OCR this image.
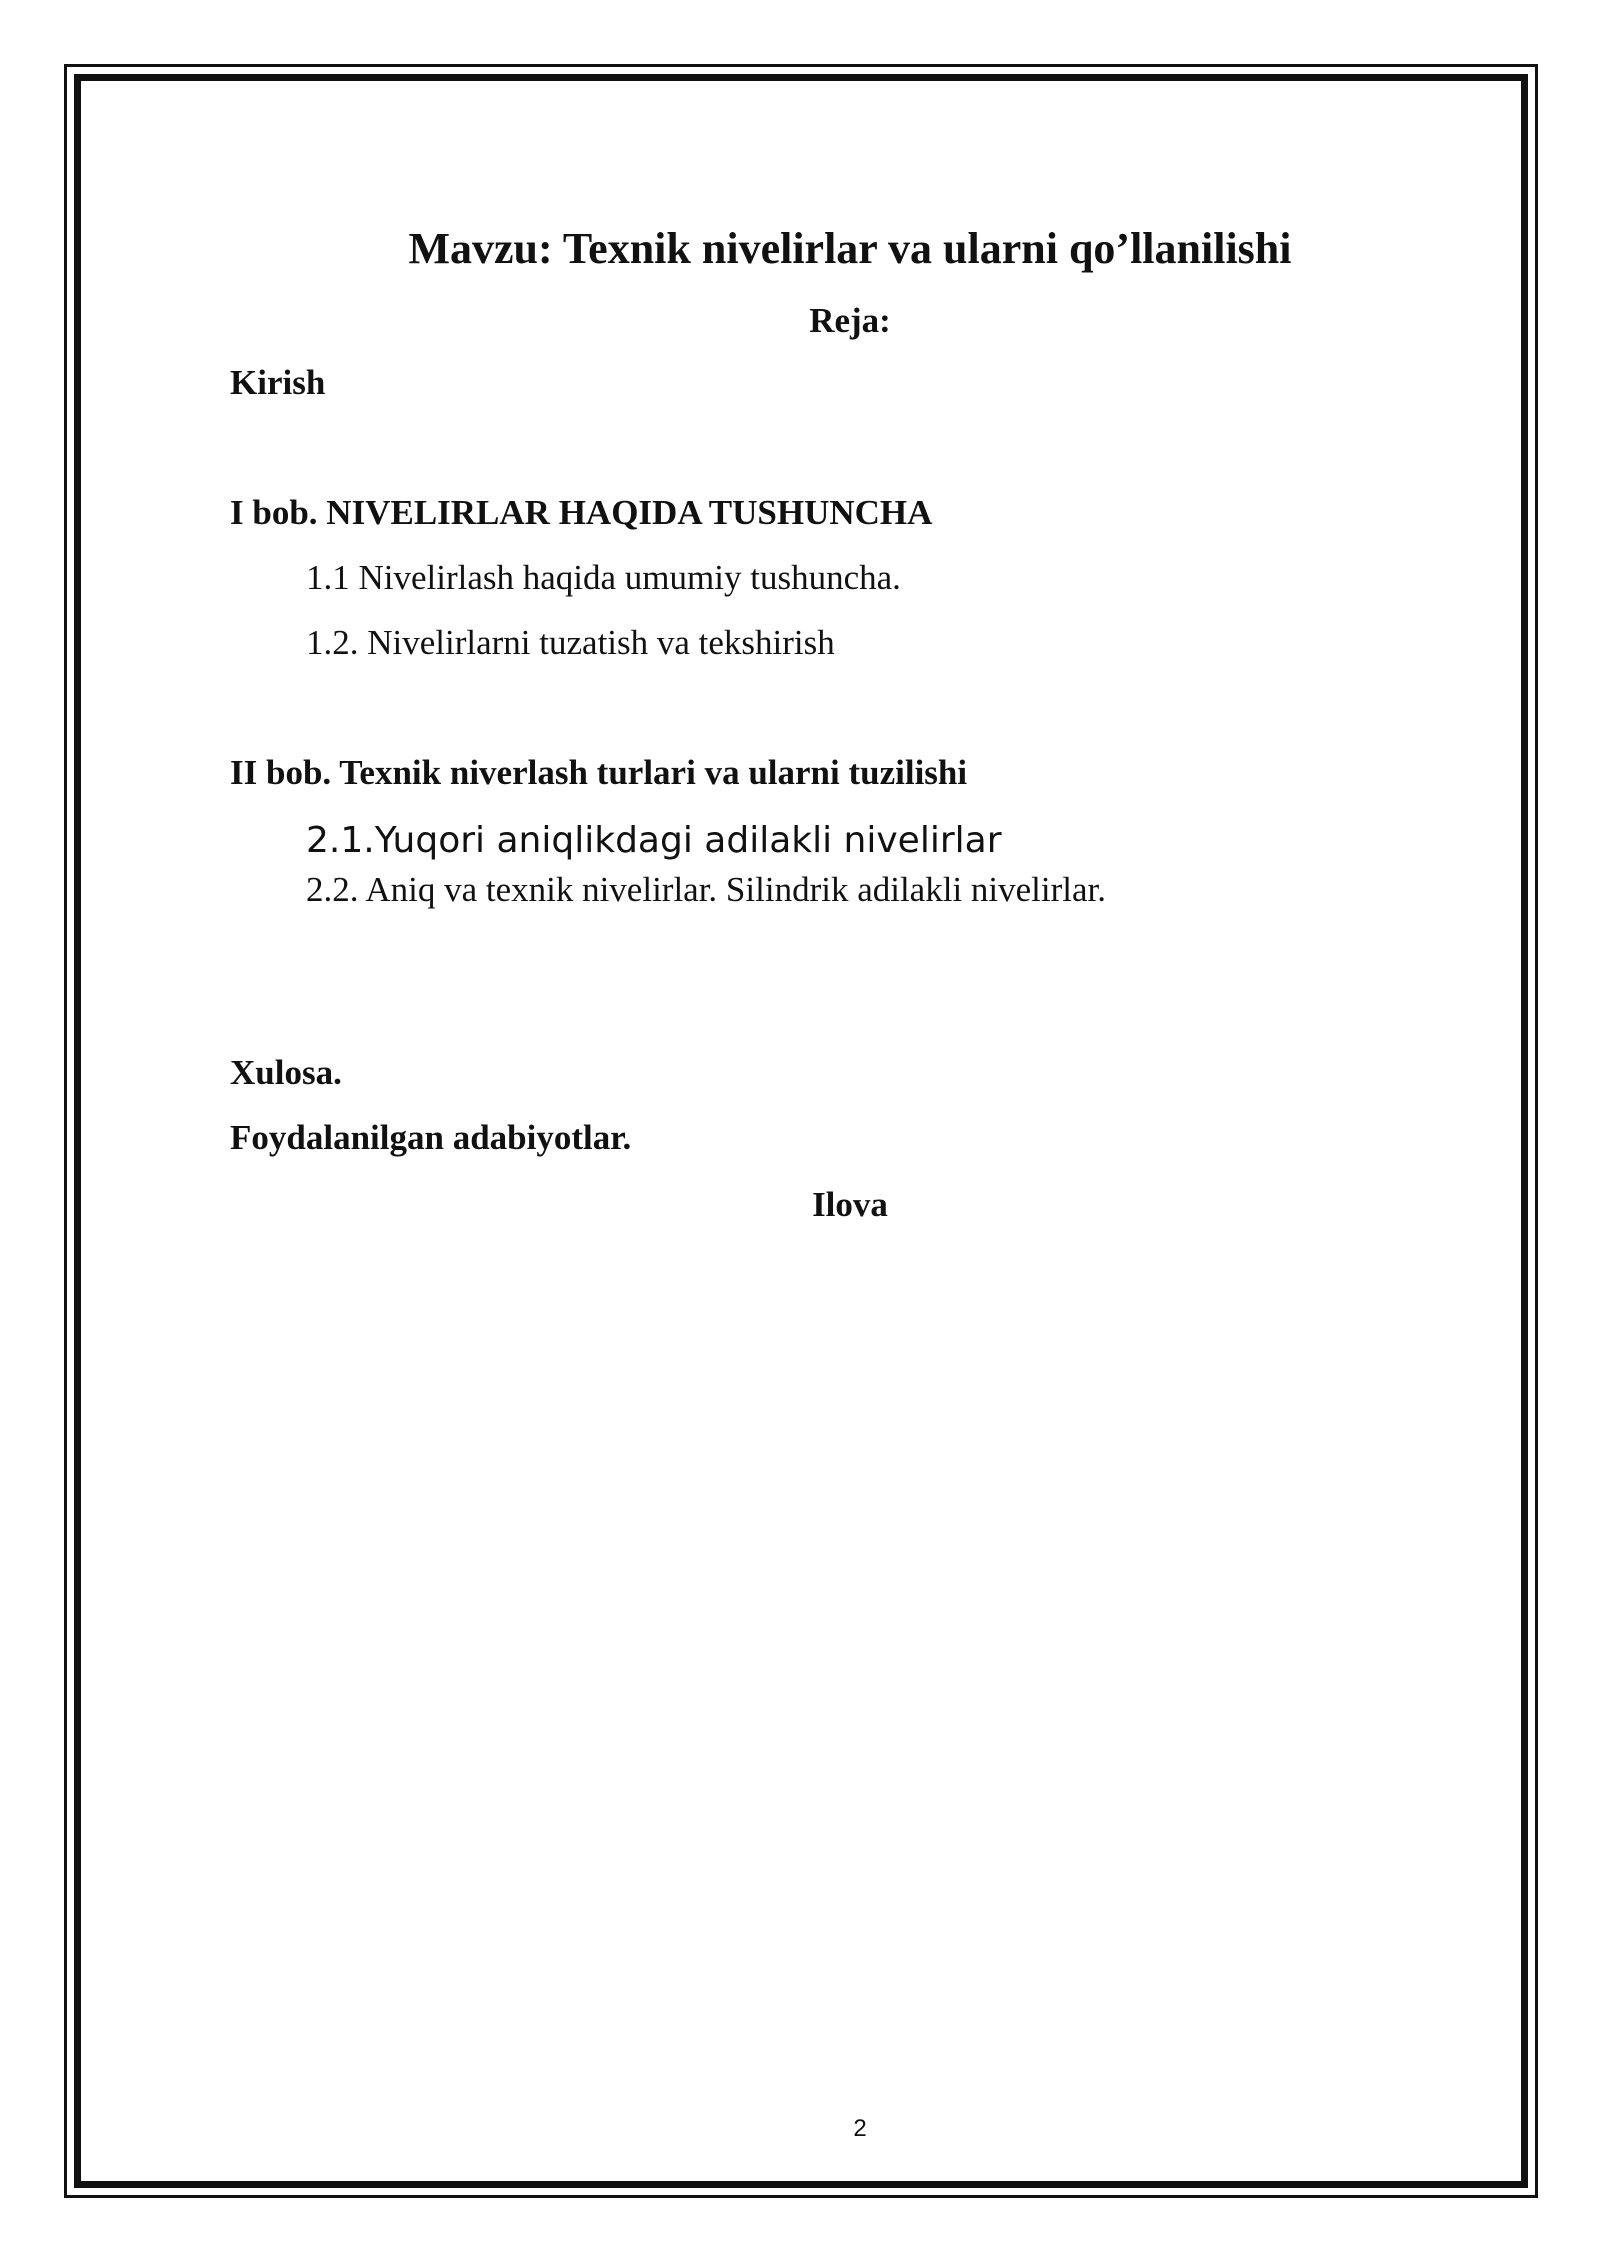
Mavzu: Texnik nivelirlar va ularni qo’llanilishi
Reja:
Kirish
I bob. NIVELIRLAR HAQIDA TUSHUNCHA
1.1 Nivelirlash haqida umumiy tushuncha.
1.2. Nivelirlarni tuzatish va tekshirish
II bob. Texnik niverlash turlari va ularni tuzilishi
2.1.Yuqori aniqlikdagi adilakli nivelirlar
2.2. Aniq va texnik nivelirlar. Silindrik adilakli nivelirlar.
Xulosa.
Foydalanilgan adabiyotlar.
Ilova
2
